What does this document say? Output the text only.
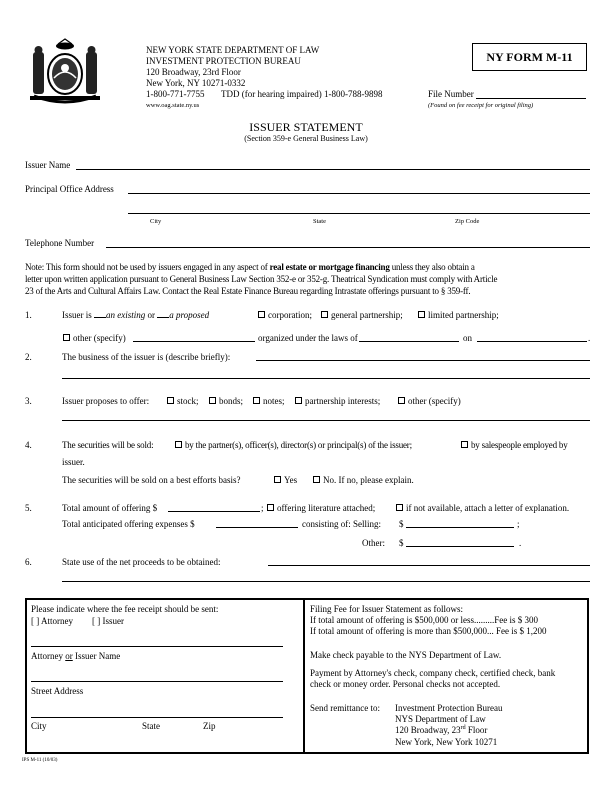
NEW YORK STATE DEPARTMENT OF LAW
INVESTMENT PROTECTION BUREAU
120 Broadway, 23rd Floor
New York, NY 10271-0332
1-800-771-7755 TDD (for hearing impaired) 1-800-788-9898
www.oag.state.ny.us
NY FORM M-11
File Number
(Found on fee receipt for original filing)
ISSUER STATEMENT
(Section 359-e General Business Law)
Issuer Name
Principal Office Address
City	State	Zip Code
Telephone Number
Note: This form should not be used by issuers engaged in any aspect of real estate or mortgage financing unless they also obtain a
letter upon written application pursuant to General Business Law Section 352-e or 352-g. Theatrical Syndication must comply with Article
23 of the Arts and Cultural Affairs Law. Contact the Real Estate Finance Bureau regarding Intrastate offerings pursuant to § 359-ff.
1.	Issuer is an existing or a proposed	corporation;	general partnership;	limited partnership;
other (specify)	organized under the laws of	on	.
2.	The business of the issuer is (describe briefly):
3.	Issuer proposes to offer:	stock;	bonds;	notes;	partnership interests;	other (specify)
4.	The securities will be sold:	by the partner(s), officer(s), director(s) or principal(s) of the issuer;	by salespeople employed by
issuer.
The securities will be sold on a best efforts basis?	Yes	No. If no, please explain.
5.	Total amount of offering $	;	offering literature attached;	if not available, attach a letter of explanation.
Total anticipated offering expenses $	consisting of: Selling: $	;
Other: $	.
6.	State use of the net proceeds to be obtained:
Please indicate where the fee receipt should be sent:
[ ] Attorney [ ] Issuer
Attorney or Issuer Name
Street Address
City	State	Zip
Filing Fee for Issuer Statement as follows:
If total amount of offering is $500,000 or less.........Fee is $ 300
If total amount of offering is more than $500,000... Fee is $ 1,200
Make check payable to the NYS Department of Law.
Payment by Attorney's check, company check, certified check, bank
check or money order. Personal checks not accepted.
Send remittance to: Investment Protection Bureau
NYS Department of Law
120 Broadway, 23rd Floor
New York, New York 10271
IPS M-11 (10/03)
